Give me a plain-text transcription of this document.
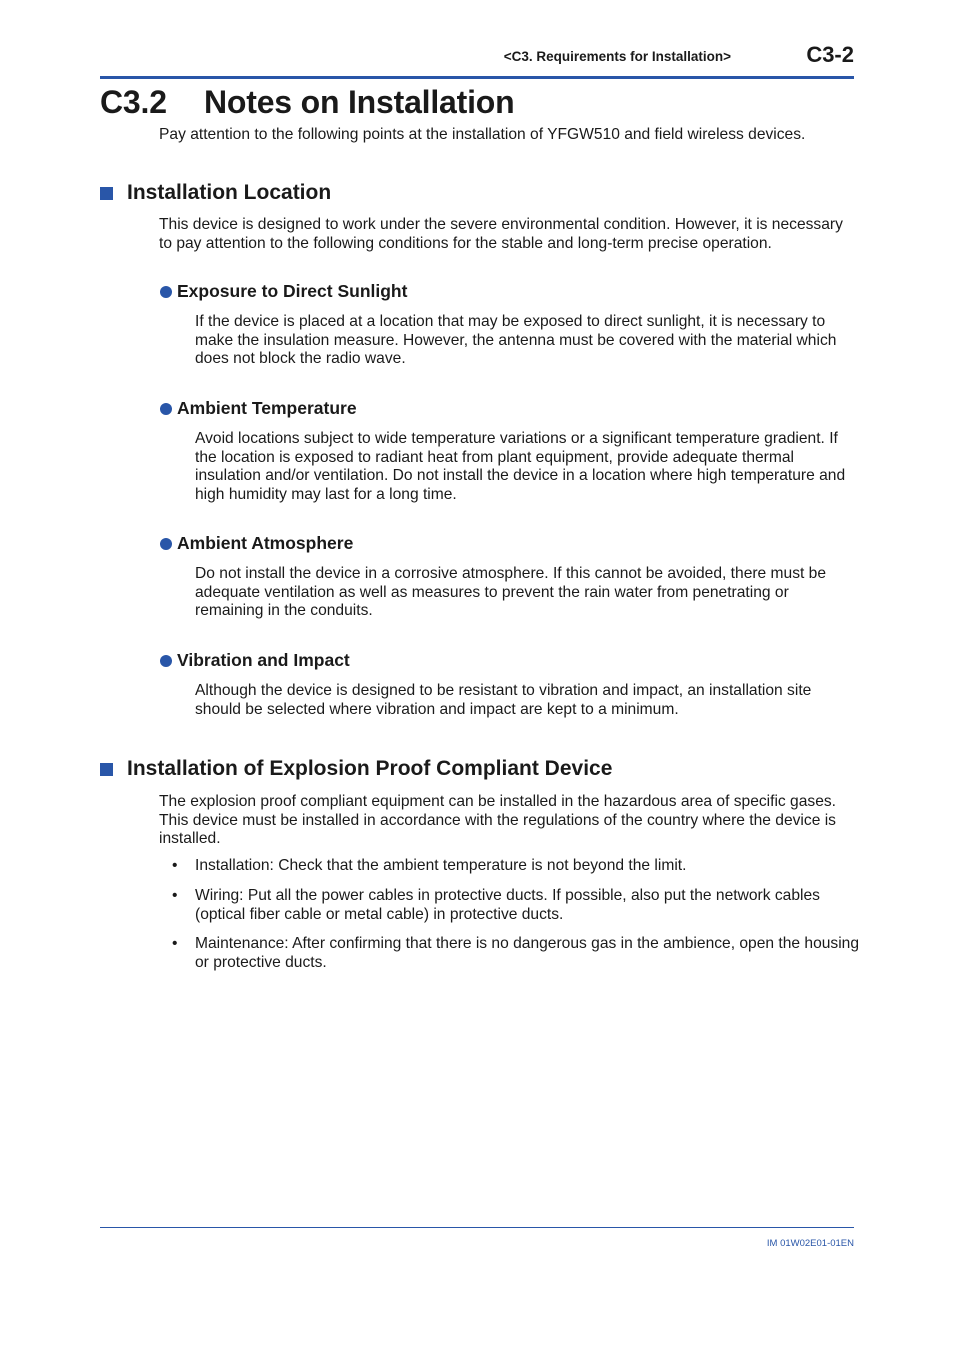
<C3. Requirements for Installation>	C3-2
C3.2 Notes on Installation

Pay attention to the following points at the installation of YFGW510 and field wireless devices.

Installation Location

This device is designed to work under the severe environmental condition. However, it is necessary to pay attention to the following conditions for the stable and long-term precise operation.

Exposure to Direct Sunlight

If the device is placed at a location that may be exposed to direct sunlight, it is necessary to make the insulation measure. However, the antenna must be covered with the material which does not block the radio wave.

Ambient Temperature

Avoid locations subject to wide temperature variations or a significant temperature gradient. If the location is exposed to radiant heat from plant equipment, provide adequate thermal insulation and/or ventilation. Do not install the device in a location where high temperature and high humidity may last for a long time.

Ambient Atmosphere

Do not install the device in a corrosive atmosphere. If this cannot be avoided, there must be adequate ventilation as well as measures to prevent the rain water from penetrating or remaining in the conduits.

Vibration and Impact

Although the device is designed to be resistant to vibration and impact, an installation site should be selected where vibration and impact are kept to a minimum.

Installation of Explosion Proof Compliant Device

The explosion proof compliant equipment can be installed in the hazardous area of specific gases. This device must be installed in accordance with the regulations of the country where the device is installed.

• Installation: Check that the ambient temperature is not beyond the limit.
• Wiring: Put all the power cables in protective ducts. If possible, also put the network cables (optical fiber cable or metal cable) in protective ducts.
• Maintenance: After confirming that there is no dangerous gas in the ambience, open the housing or protective ducts.
IM 01W02E01-01EN
